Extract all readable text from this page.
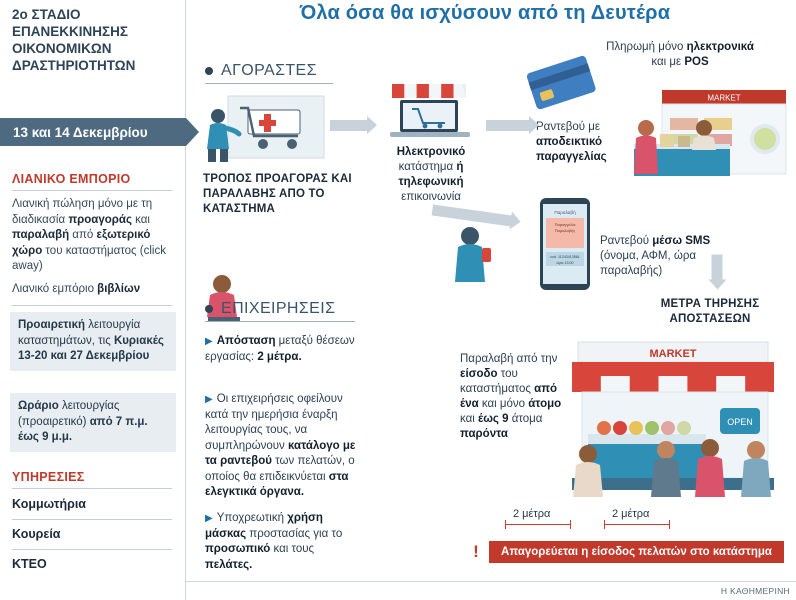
Όλα όσα θα ισχύσουν από τη Δευτέρα
2ο ΣΤΑΔΙΟ ΕΠΑΝΕΚΚΙΝΗΣΗΣ ΟΙΚΟΝΟΜΙΚΩΝ ΔΡΑΣΤΗΡΙΟΤΗΤΩΝ
13 και 14 Δεκεμβρίου
ΛΙΑΝΙΚΟ ΕΜΠΟΡΙΟ
Λιανική πώληση μόνο με τη διαδικασία προαγοράς και παραλαβή από εξωτερικό χώρο του καταστήματος (click away)
Λιανικό εμπόριο βιβλίων
Προαιρετική λειτουργία καταστημάτων, τις Κυριακές 13-20 και 27 Δεκεμβρίου
Ωράριο λειτουργίας (προαιρετικό) από 7 π.μ. έως 9 μ.μ.
ΥΠΗΡΕΣΙΕΣ
Κομμωτήρια
Κουρεία
ΚΤΕΟ
ΑΓΟΡΑΣΤΕΣ
ΤΡΟΠΟΣ ΠΡΟΑΓΟΡΑΣ ΚΑΙ ΠΑΡΑΛΑΒΗΣ ΑΠΟ ΤΟ ΚΑΤΑΣΤΗΜΑ
Ηλεκτρονικό κατάστημα ή τηλεφωνική επικοινωνία
Πληρωμή μόνο ηλεκτρονικά και με POS
MARKET
Ραντεβού με αποδεικτικό παραγγελίας
Παραλαβή
Παραγγελία
Παραλαβής
cod. 11243413561
ώρα 13:00
Ραντεβού μέσω SMS (όνομα, ΑΦΜ, ώρα παραλαβής)
ΜΕΤΡΑ ΤΗΡΗΣΗΣ ΑΠΟΣΤΑΣΕΩΝ
ΕΠΙΧΕΙΡΗΣΕΙΣ
▶ Απόσταση μεταξύ θέσεων εργασίας: 2 μέτρα.
▶ Οι επιχειρήσεις οφείλουν κατά την ημερήσια έναρξη λειτουργίας τους, να συμπληρώνουν κατάλογο με τα ραντεβού των πελατών, ο οποίος θα επιδεικνύεται στα ελεγκτικά όργανα.
▶ Υποχρεωτική χρήση μάσκας προστασίας για το προσωπικό και τους πελάτες.
Παραλαβή από την είσοδο του καταστήματος από ένα και μόνο άτομο και έως 9 άτομα παρόντα
MARKET
OPEN
2 μέτρα	2 μέτρα
!	Απαγορεύεται η είσοδος πελατών στο κατάστημα
Η ΚΑΘΗΜΕΡΙΝΗ
